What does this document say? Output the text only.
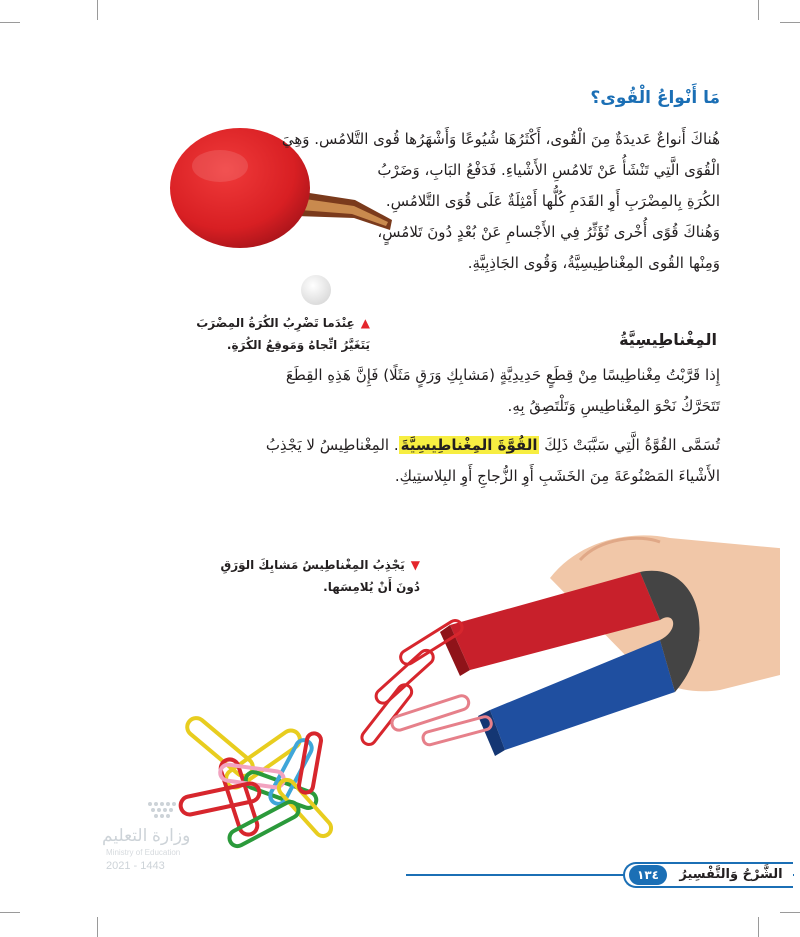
مَا أَنْواعُ الْقُوى؟
هُناكَ أَنواعٌ عَديدَةٌ مِنَ الْقُوى، أَكْثَرُهَا شُيُوعًا وَأَشْهَرُها قُوى التَّلامُس. وَهِيَ
الْقُوَى الَّتِي تَنْشَأُ عَنْ تَلامُسِ الأَشْياءِ. فَدَفْعُ البَابِ، وَضَرْبُ
الكُرَةِ بِالمِضْرَبِ أَوِ القَدَمِ كُلُّها أَمْثِلَةٌ عَلَى قُوَى التَّلامُسِ.
وَهُناكَ قُوًى أُخْرى تُؤَثِّرُ فِي الأَجْسامِ عَنْ بُعْدٍ دُونَ تَلامُسٍ،
وَمِنْها القُوى المِغْناطِيسِيَّةُ، وَقُوى الجَاذِبِيَّةِ.
▲عِنْدَما تَضْرِبُ الكُرَةُ المِضْرَبَ
يَتَغَيَّرُ اتِّجاهُ وَمَوقِعُ الكُرَةِ.	المِغْناطِيسِيَّةُ
إِذا قَرَّبْتُ مِغْناطِيسًا مِنْ قِطَعٍ حَدِيدِيَّةٍ (مَشابِكِ وَرَقٍ مَثَلًا) فَإِنَّ هَذِهِ القِطَعَ
تَتَحَرَّكُ نَحْوَ المِغْناطِيسِ وَتَلْتَصِقُ بِهِ.
تُسَمَّى القُوَّةُ الَّتِي سَبَّبَتْ ذَلِكَ القُوَّةَ المِغْناطِيسِيَّةَ. المِغْناطِيسُ لا يَجْذِبُ
الأَشْياءَ المَصْنُوعَةَ مِنَ الخَشَبِ أَوِ الزُّجاجِ أَوِ البِلاستِيكِ.
▼يَجْذِبُ المِغْناطِيسُ مَشابِكَ الوَرَقِ
دُونَ أَنْ يُلامِسَها.
وزارة التعليم
Ministry of Education
2021 - 1443
١٣٤	الشَّرْحُ وَالتَّفْسِيرُ
